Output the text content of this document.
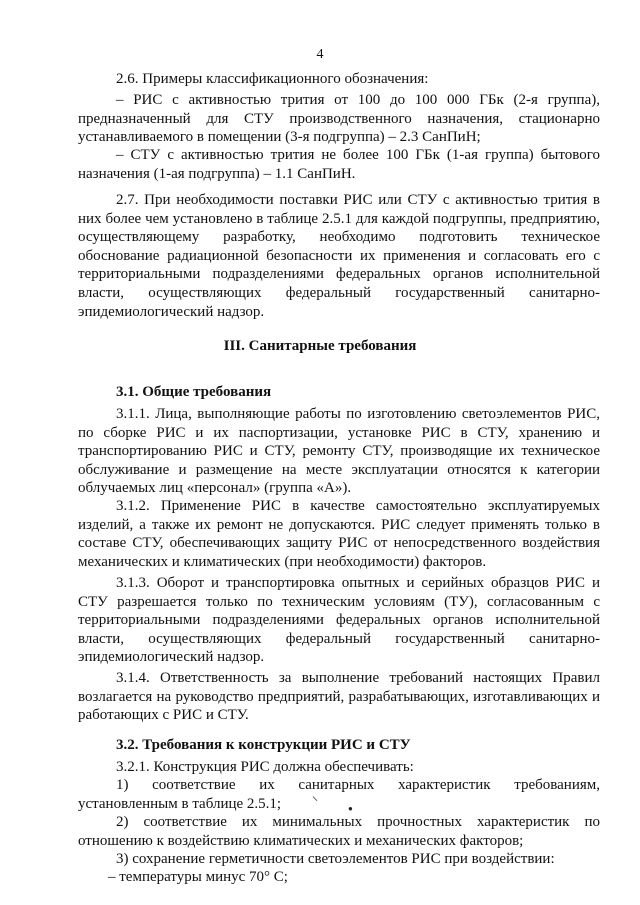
4

2.6. Примеры классификационного обозначения:

– РИС с активностью трития от 100 до 100 000 ГБк (2-я группа), предназначенный для СТУ производственного назначения, стационарно устанавливаемого в помещении (3-я подгруппа) – 2.3 СанПиН;

– СТУ с активностью трития не более 100 ГБк (1-ая группа) бытового назначения (1-ая подгруппа) – 1.1 СанПиН.

2.7. При необходимости поставки РИС или СТУ с активностью трития в них более чем установлено в таблице 2.5.1 для каждой подгруппы, предприятию, осуществляющему разработку, необходимо подготовить техническое обоснование радиационной безопасности их применения и согласовать его с территориальными подразделениями федеральных органов исполнительной власти, осуществляющих федеральный государственный санитарно-эпидемиологический надзор.

III. Санитарные требования
3.1. Общие требования

3.1.1. Лица, выполняющие работы по изготовлению светоэлементов РИС, по сборке РИС и их паспортизации, установке РИС в СТУ, хранению и транспортированию РИС и СТУ, ремонту СТУ, производящие их техническое обслуживание и размещение на месте эксплуатации относятся к категории облучаемых лиц «персонал» (группа «А»).

3.1.2. Применение РИС в качестве самостоятельно эксплуатируемых изделий, а также их ремонт не допускаются. РИС следует применять только в составе СТУ, обеспечивающих защиту РИС от непосредственного воздействия механических и климатических (при необходимости) факторов.

3.1.3. Оборот и транспортировка опытных и серийных образцов РИС и СТУ разрешается только по техническим условиям (ТУ), согласованным с территориальными подразделениями федеральных органов исполнительной власти, осуществляющих федеральный государственный санитарно-эпидемиологический надзор.

3.1.4. Ответственность за выполнение требований настоящих Правил возлагается на руководство предприятий, разрабатывающих, изготавливающих и работающих с РИС и СТУ.

3.2. Требования к конструкции РИС и СТУ

3.2.1. Конструкция РИС должна обеспечивать:

1) соответствие их санитарных характеристик требованиям, установленным в таблице 2.5.1;

2) соответствие их минимальных прочностных характеристик по отношению к воздействию климатических и механических факторов;

3) сохранение герметичности светоэлементов РИС при воздействии:

– температуры минус 70° С;

⸌
●
